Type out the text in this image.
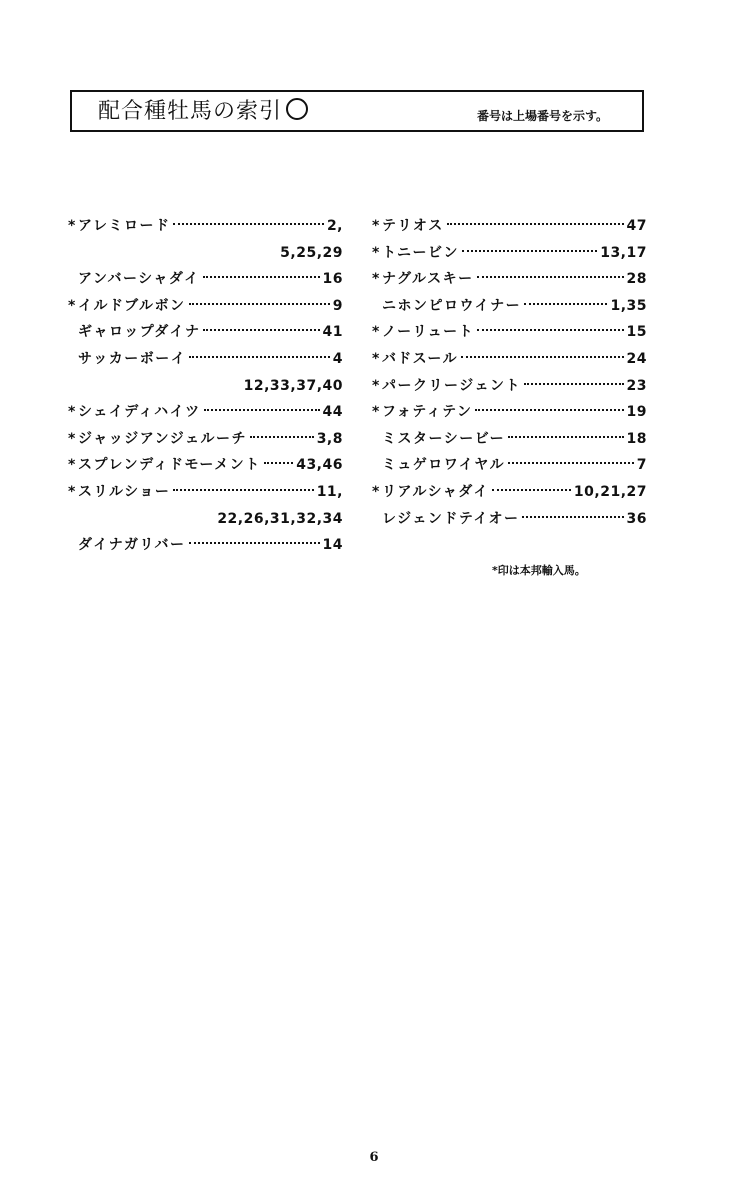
配合種牡馬の索引	番号は上場番号を示す。
* アレミロード	2,
5,25,29
アンバーシャダイ	16
* イルドブルボン	9
ギャロップダイナ	41
サッカーボーイ	4
12,33,37,40
* シェイディハイツ	44
* ジャッジアンジェルーチ	3,8
* スプレンディドモーメント	43,46
* スリルショー	11,
22,26,31,32,34
ダイナガリバー	14
* テリオス	47
* トニービン	13,17
* ナグルスキー	28
ニホンピロウイナー	1,35
* ノーリュート	15
* バドスール	24
* パークリージェント	23
* フォティテン	19
ミスターシービー	18
ミュゲロワイヤル	7
* リアルシャダイ	10,21,27
レジェンドテイオー	36
*印は本邦輸入馬。
6
